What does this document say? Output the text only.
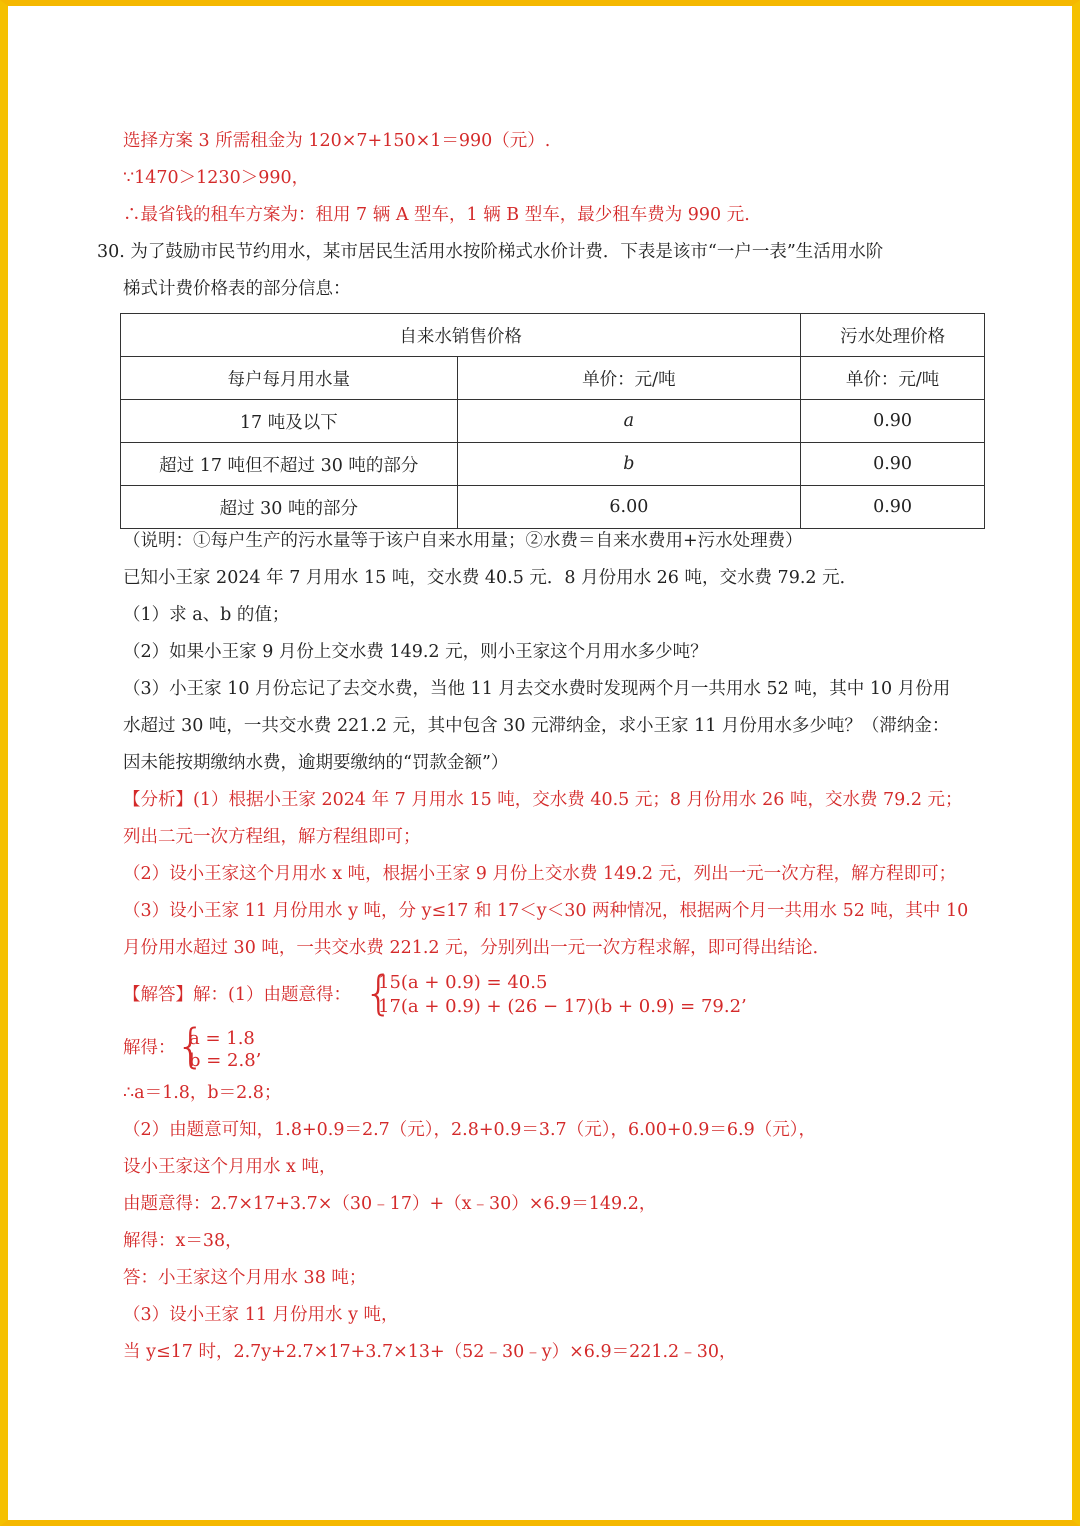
选择方案 3 所需租金为 120×7+150×1＝990（元）.
∵1470＞1230＞990，
∴最省钱的租车方案为：租用 7 辆 A 型车，1 辆 B 型车，最少租车费为 990 元.
30. 为了鼓励市民节约用水，某市居民生活用水按阶梯式水价计费．下表是该市“一户一表”生活用水阶
梯式计费价格表的部分信息：
自来水销售价格		污水处理价格
每户每月用水量	单价：元/吨	单价：元/吨
17 吨及以下	a	0.90
超过 17 吨但不超过 30 吨的部分	b	0.90
超过 30 吨的部分	6.00	0.90
（说明：①每户生产的污水量等于该户自来水用量；②水费＝自来水费用+污水处理费）
已知小王家 2024 年 7 月用水 15 吨，交水费 40.5 元．8 月份用水 26 吨，交水费 79.2 元．
（1）求 a、b 的值；
（2）如果小王家 9 月份上交水费 149.2 元，则小王家这个月用水多少吨？
（3）小王家 10 月份忘记了去交水费，当他 11 月去交水费时发现两个月一共用水 52 吨，其中 10 月份用
水超过 30 吨，一共交水费 221.2 元，其中包含 30 元滞纳金，求小王家 11 月份用水多少吨？（滞纳金：
因未能按期缴纳水费，逾期要缴纳的“罚款金额”）
【分析】(1）根据小王家 2024 年 7 月用水 15 吨，交水费 40.5 元；8 月份用水 26 吨，交水费 79.2 元；
列出二元一次方程组，解方程组即可；
（2）设小王家这个月用水 x 吨，根据小王家 9 月份上交水费 149.2 元，列出一元一次方程，解方程即可；
（3）设小王家 11 月份用水 y 吨，分 y≤17 和 17＜y＜30 两种情况，根据两个月一共用水 52 吨，其中 10
月份用水超过 30 吨，一共交水费 221.2 元，分别列出一元一次方程求解，即可得出结论．
【解答】解：(1）由题意得： {
15(a + 0.9) = 40.5
17(a + 0.9) + (26 − 17)(b + 0.9) = 79.2’
解得： {
a = 1.8
b = 2.8’
∴a＝1.8，b＝2.8；
（2）由题意可知，1.8+0.9＝2.7（元），2.8+0.9＝3.7（元），6.00+0.9＝6.9（元），
设小王家这个月用水 x 吨，
由题意得：2.7×17+3.7×（30﹣17）+（x﹣30）×6.9＝149.2，
解得：x＝38，
答：小王家这个月用水 38 吨；
（3）设小王家 11 月份用水 y 吨，
当 y≤17 时，2.7y+2.7×17+3.7×13+（52﹣30﹣y）×6.9＝221.2﹣30，
